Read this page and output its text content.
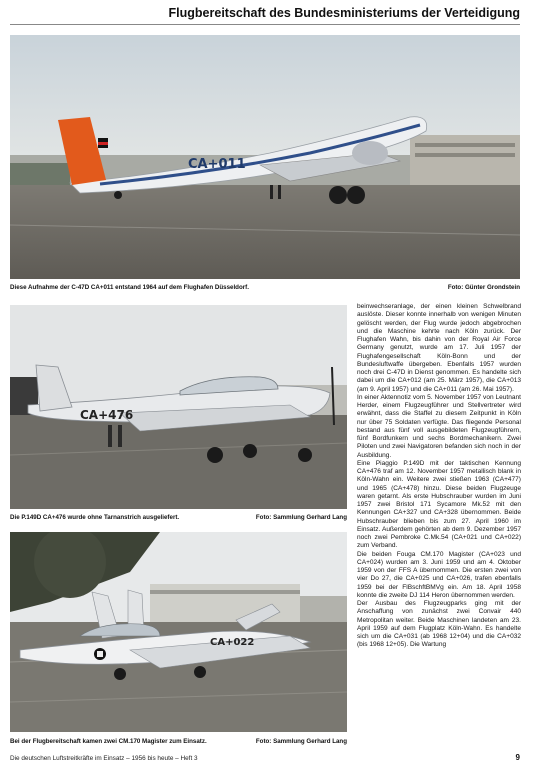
Flugbereitschaft des Bundesministeriums der Verteidigung
CA+011
Diese Aufnahme der C-47D CA+011 entstand 1964 auf dem Flughafen Düsseldorf.	Foto: Günter Grondstein
CA+476
Die P.149D CA+476 wurde ohne Tarnanstrich ausgeliefert.	Foto: Sammlung Gerhard Lang
CA+022
Bei der Flugbereitschaft kamen zwei CM.170 Magister zum Einsatz.	Foto: Sammlung Gerhard Lang

beinwechseranlage, der einen kleinen Schwelbrand auslöste. Dieser konnte innerhalb von wenigen Minuten gelöscht werden, der Flug wurde jedoch abgebrochen und die Maschine kehrte nach Köln zurück. Der Flughafen Wahn, bis dahin von der Royal Air Force Germany genutzt, wurde am 17. Juli 1957 der Flughafengesellschaft Köln-Bonn und der Bundesluftwaffe übergeben. Ebenfalls 1957 wurden noch drei C-47D in Dienst genommen. Es handelte sich dabei um die CA+012 (am 25. März 1957), die CA+013 (am 9. April 1957) und die CA+011 (am 26. Mai 1957).

In einer Aktennotiz vom 5. November 1957 von Leutnant Herder, einem Flugzeugführer und Stellvertreter wird erwähnt, dass die Staffel zu diesem Zeitpunkt in Köln nur über 75 Soldaten verfügte. Das fliegende Personal bestand aus fünf voll ausgebildeten Flugzeugführern, fünf Bordfunkern und sechs Bordmechanikern. Zwei Piloten und zwei Navigatoren befanden sich noch in der Ausbildung.

Eine Piaggio P.149D mit der taktischen Kennung CA+476 traf am 12. November 1957 metallisch blank in Köln-Wahn ein. Weitere zwei stießen 1963 (CA+477) und 1965 (CA+478) hinzu. Diese beiden Flugzeuge waren getarnt. Als erste Hubschrauber wurden im Juni 1957 zwei Bristol 171 Sycamore Mk.52 mit den Kennungen CA+327 und CA+328 übernommen. Beide Hubschrauber blieben bis zum 27. April 1960 im Einsatz. Außerdem gehörten ab dem 9. Dezember 1957 noch zwei Pembroke C.Mk.54 (CA+021 und CA+022) zum Verband.

Die beiden Fouga CM.170 Magister (CA+023 und CA+024) wurden am 3. Juni 1959 und am 4. Oktober 1959 von der FFS A übernommen. Die ersten zwei von vier Do 27, die CA+025 und CA+026, trafen ebenfalls 1959 bei der FlBschftBMVg ein. Am 18. April 1958 konnte die zweite DJ 114 Heron übernommen werden.

Der Ausbau des Flugzeugparks ging mit der Anschaffung von zunächst zwei Convair 440 Metropolitan weiter. Beide Maschinen landeten am 23. April 1959 auf dem Flugplatz Köln-Wahn. Es handelte sich um die CA+031 (ab 1968 12+04) und die CA+032 (bis 1968 12+05). Die Wartung

Die deutschen Luftstreitkräfte im Einsatz – 1956 bis heute – Heft 3	9
